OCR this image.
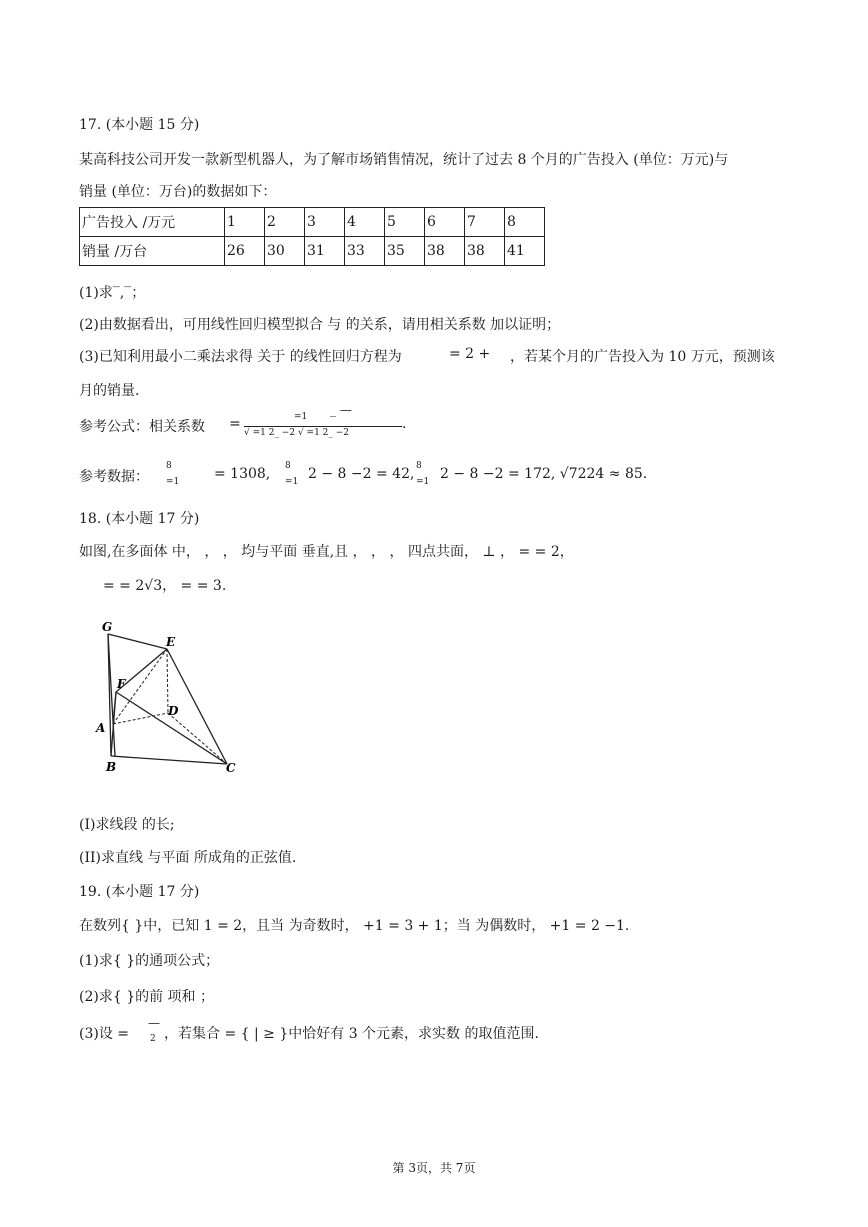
17. (本小题 15 分)
某高科技公司开发一款新型机器人，为了解市场销售情况，统计了过去 8 个月的广告投入 (单位：万元)与
销量 (单位：万台)的数据如下：
广告投入 /万元	1	2	3	4	5	6	7	8
销量 /万台	26	30	31	33	35	38	38	41
(1)求‾,‾；
(2)由数据看出，可用线性回归模型拟合 与 的关系，请用相关系数 加以证明；
(3)已知利用最小二乘法求得 关于 的线性回归方程为	= 2 + ，若某个月的广告投入为 10 万元，预测该
月的销量.
参考公式：相关系数 =	=1 _ —
√ =1 2_ −2 √ =1 2_ −2
.
参考数据：
8
=1 = 1308, 8
=1 2 − 8 −2 = 42, 8
=1 2 − 8 −2 = 172, √7224 ≈ 85.
18. (本小题 17 分)
如图,在多面体 中， ， ， 均与平面 垂直,且 ， ， ， 四点共面， ⊥ ， = = 2，
= = 2√3， = = 3.
G
E
F
D
A
B	C
(I)求线段 的长;
(II)求直线 与平面 所成角的正弦值.
19. (本小题 17 分)
在数列{ }中，已知 1 = 2，且当 为奇数时， +1 = 3 + 1；当 为偶数时， +1 = 2 −1.
(1)求{ }的通项公式；
(2)求{ }的前 项和 ；
(3)设 =
—
2 ，若集合 = { | ≥ }中恰好有 3 个元素，求实数 的取值范围.
第 3页，共 7页
